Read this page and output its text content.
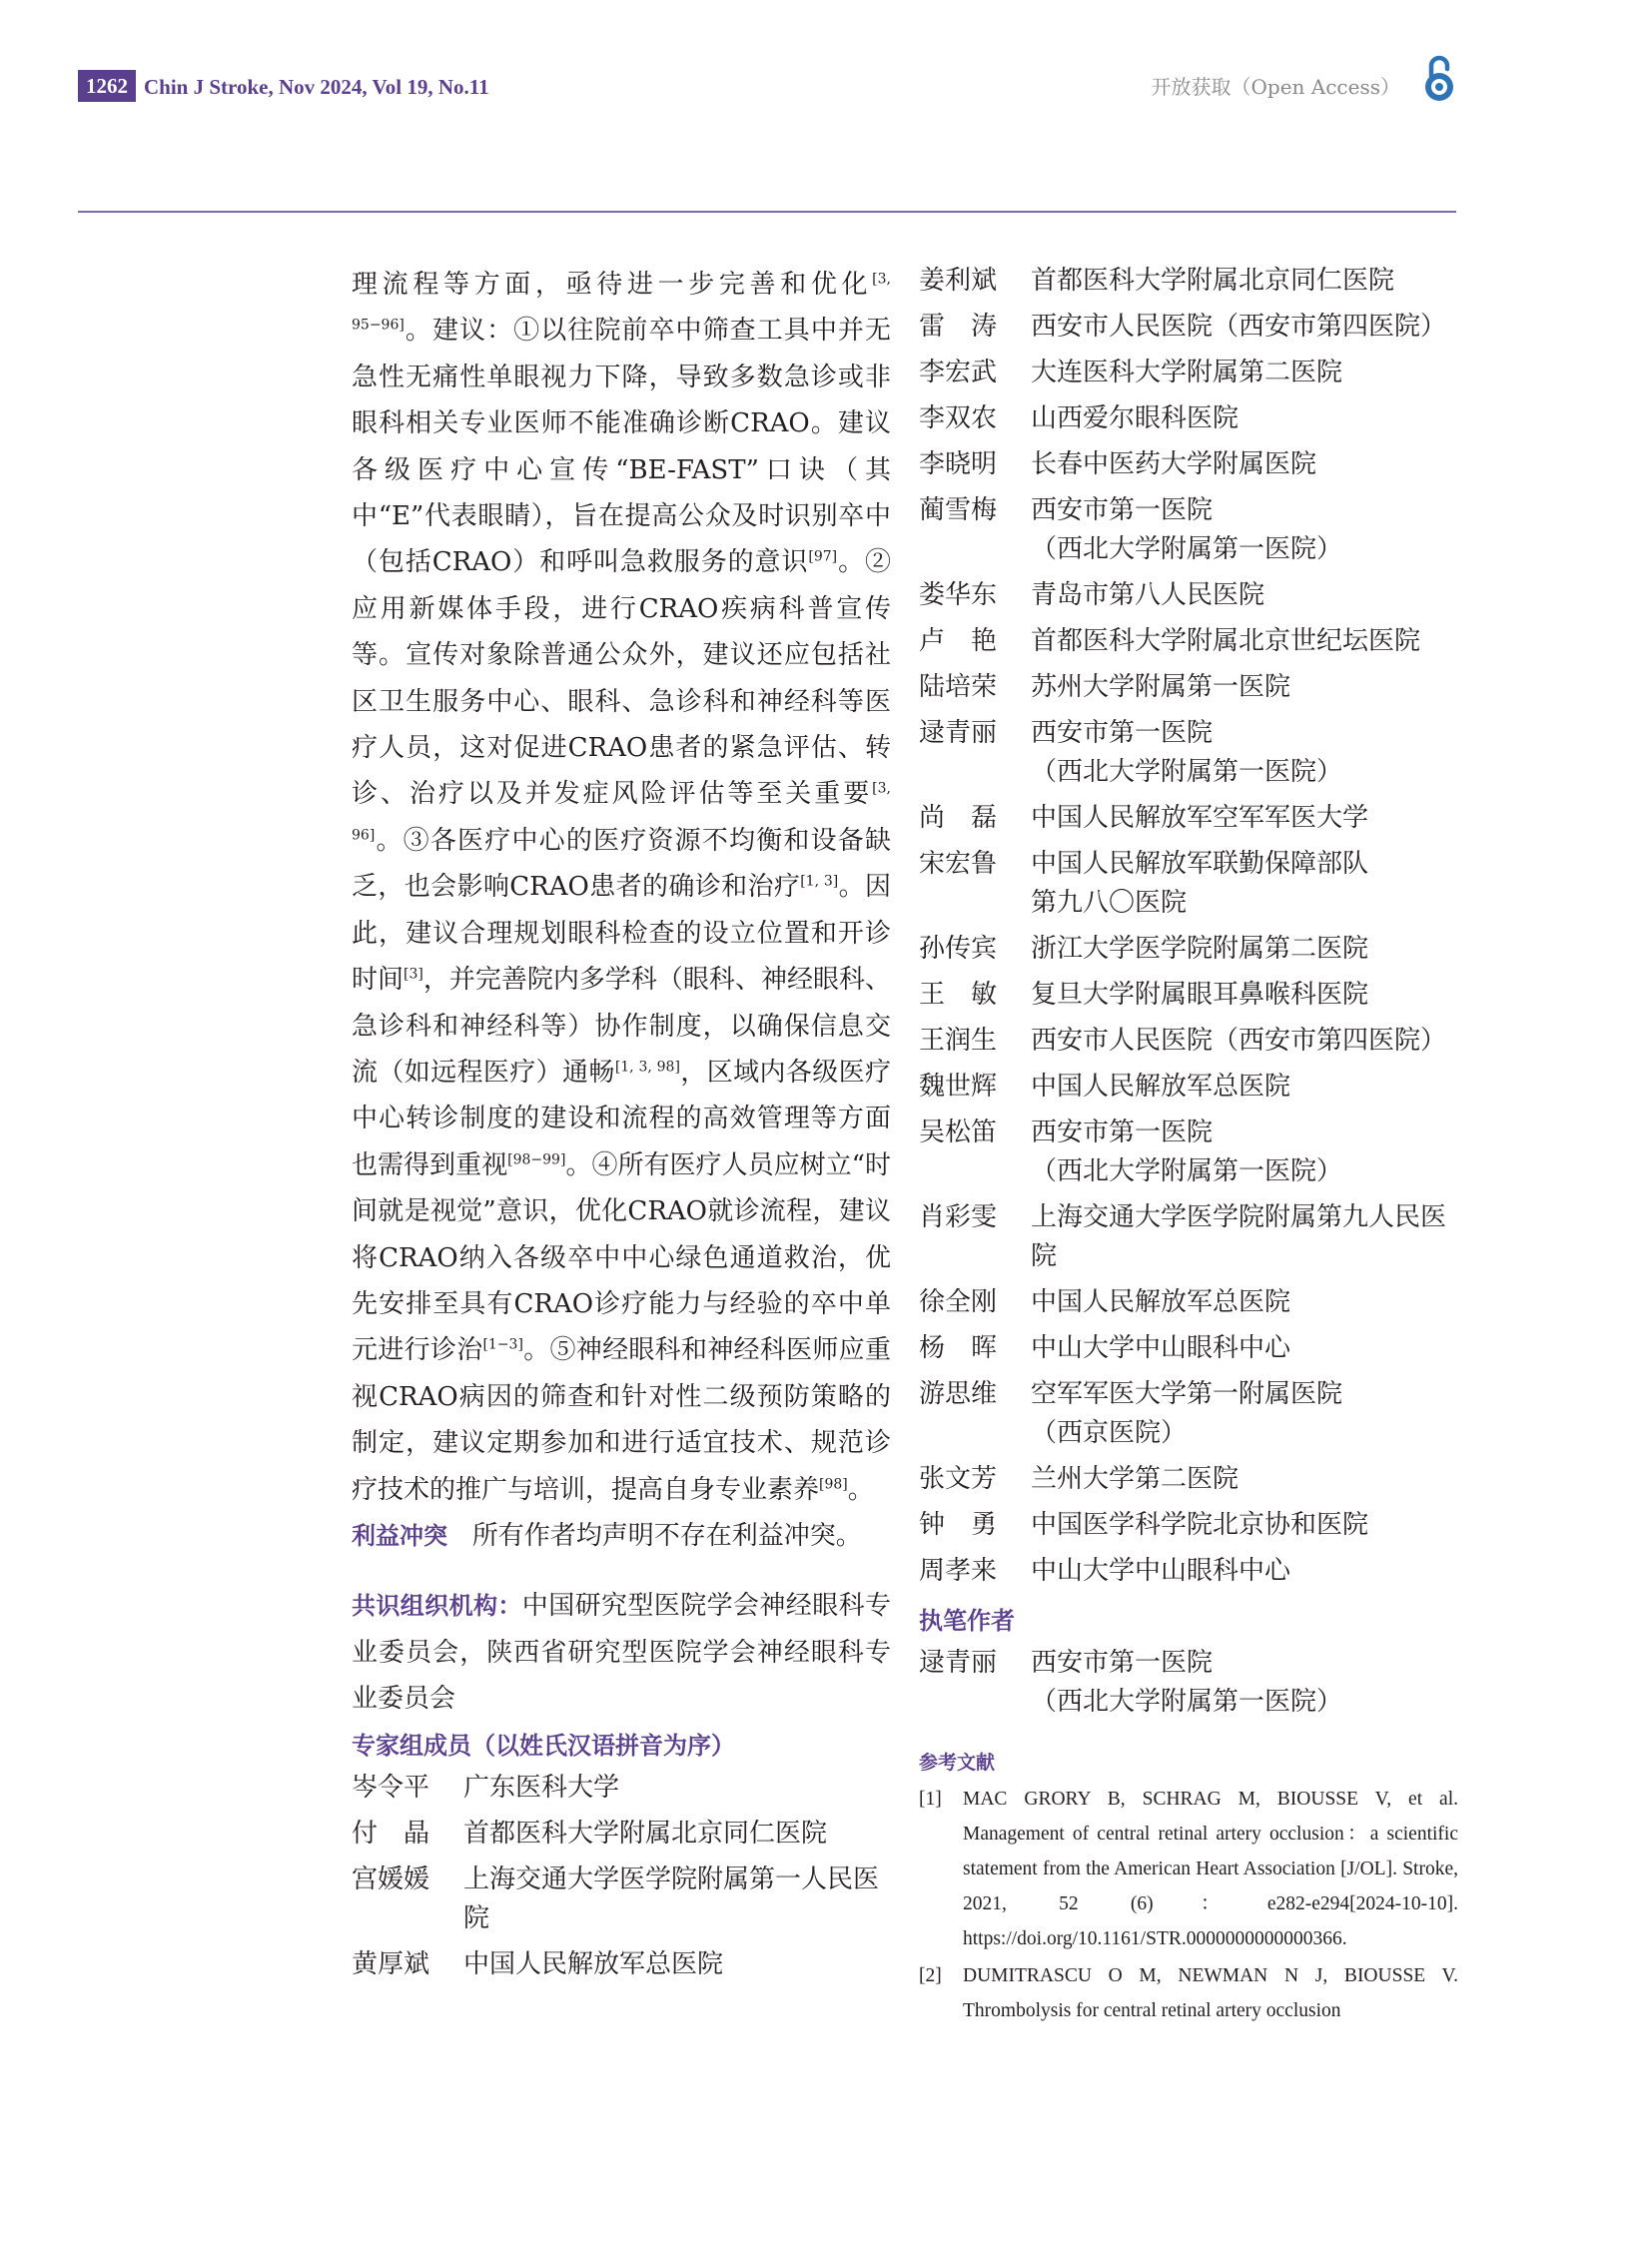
1262 Chin J Stroke, Nov 2024, Vol 19, No.11	开放获取（Open Access）

理流程等方面，亟待进一步完善和优化[3, 95−96]。建议：①以往院前卒中筛查工具中并无急性无痛性单眼视力下降，导致多数急诊或非眼科相关专业医师不能准确诊断CRAO。建议各级医疗中心宣传“BE-FAST”口诀（其中“E”代表眼睛），旨在提高公众及时识别卒中（包括CRAO）和呼叫急救服务的意识[97]。②应用新媒体手段，进行CRAO疾病科普宣传等。宣传对象除普通公众外，建议还应包括社区卫生服务中心、眼科、急诊科和神经科等医疗人员，这对促进CRAO患者的紧急评估、转诊、治疗以及并发症风险评估等至关重要[3, 96]。③各医疗中心的医疗资源不均衡和设备缺乏，也会影响CRAO患者的确诊和治疗[1, 3]。因此，建议合理规划眼科检查的设立位置和开诊时间[3]，并完善院内多学科（眼科、神经眼科、急诊科和神经科等）协作制度，以确保信息交流（如远程医疗）通畅[1, 3, 98]，区域内各级医疗中心转诊制度的建设和流程的高效管理等方面也需得到重视[98−99]。④所有医疗人员应树立“时间就是视觉”意识，优化CRAO就诊流程，建议将CRAO纳入各级卒中中心绿色通道救治，优先安排至具有CRAO诊疗能力与经验的卒中单元进行诊治[1−3]。⑤神经眼科和神经科医师应重视CRAO病因的筛查和针对性二级预防策略的制定，建议定期参加和进行适宜技术、规范诊疗技术的推广与培训，提高自身专业素养[98]。

利益冲突 所有作者均声明不存在利益冲突。

共识组织机构：中国研究型医院学会神经眼科专业委员会，陕西省研究型医院学会神经眼科专业委员会

专家组成员（以姓氏汉语拼音为序）

岑令平	广东医科大学
付　晶	首都医科大学附属北京同仁医院
宫媛媛	上海交通大学医学院附属第一人民医院
黄厚斌	中国人民解放军总医院
姜利斌	首都医科大学附属北京同仁医院
雷　涛	西安市人民医院（西安市第四医院）
李宏武	大连医科大学附属第二医院
李双农	山西爱尔眼科医院
李晓明	长春中医药大学附属医院
蔺雪梅	西安市第一医院
（西北大学附属第一医院）
娄华东	青岛市第八人民医院
卢　艳	首都医科大学附属北京世纪坛医院
陆培荣	苏州大学附属第一医院
逯青丽	西安市第一医院
（西北大学附属第一医院）
尚　磊	中国人民解放军空军军医大学
宋宏鲁	中国人民解放军联勤保障部队
第九八〇医院
孙传宾	浙江大学医学院附属第二医院
王　敏	复旦大学附属眼耳鼻喉科医院
王润生	西安市人民医院（西安市第四医院）
魏世辉	中国人民解放军总医院
吴松笛	西安市第一医院
（西北大学附属第一医院）
肖彩雯	上海交通大学医学院附属第九人民医院
徐全刚	中国人民解放军总医院
杨　晖	中山大学中山眼科中心
游思维	空军军医大学第一附属医院
（西京医院）
张文芳	兰州大学第二医院
钟　勇	中国医学科学院北京协和医院
周孝来	中山大学中山眼科中心

执笔作者

逯青丽	西安市第一医院
（西北大学附属第一医院）

参考文献

[1]	MAC GRORY B, SCHRAG M, BIOUSSE V, et al. Management of central retinal artery occlusion：a scientific statement from the American Heart Association [J/OL]. Stroke, 2021, 52 (6)：e282-e294[2024-10-10]. https://doi.org/10.1161/STR.0000000000000366.
[2]	DUMITRASCU O M, NEWMAN N J, BIOUSSE V. Thrombolysis for central retinal artery occlusion
